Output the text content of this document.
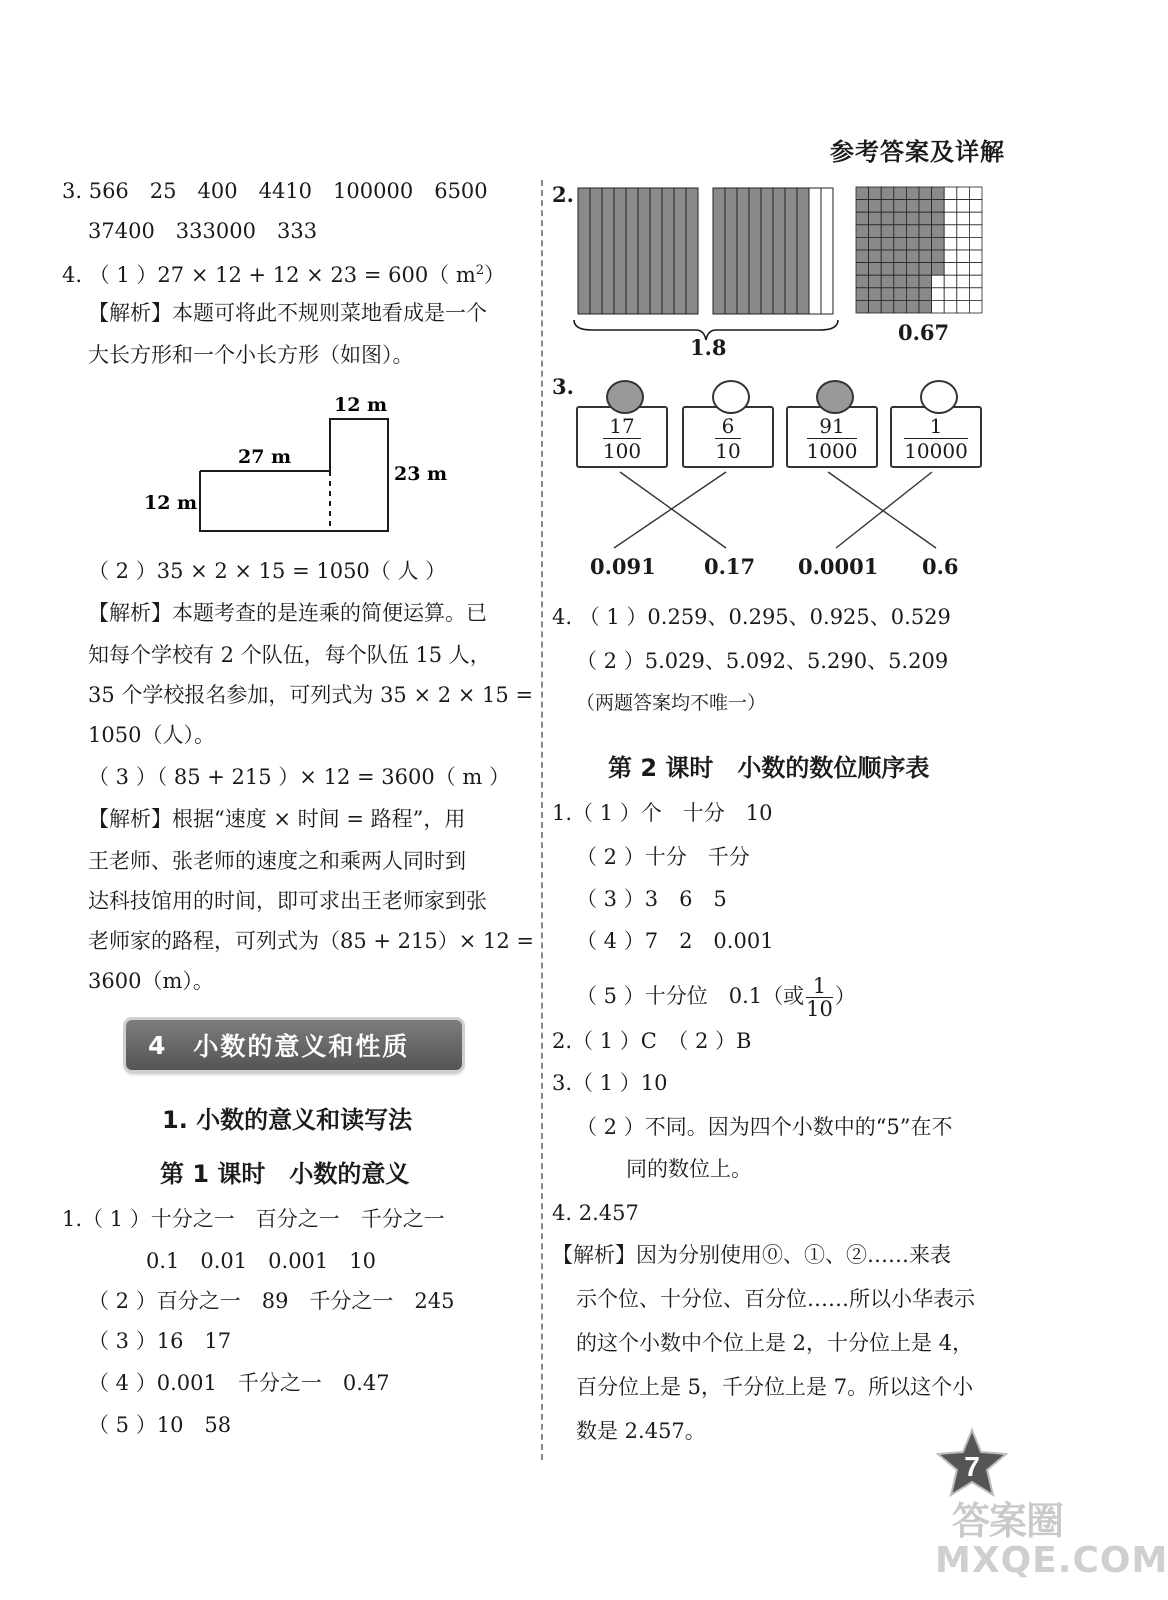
参考答案及详解
3. 566　25　400　4410　100000　6500
37400　333000　333
4. （ 1 ）27 × 12 + 12 × 23 = 600（ $m^2$）
【解析】本题可将此不规则菜地看成是一个
大长方形和一个小长方形（如图）。
12 m
27 m
23 m
12 m
（ 2 ）35 × 2 × 15 = 1050（ 人 ）
【解析】本题考查的是连乘的简便运算。已
知每个学校有 2 个队伍，每个队伍 15 人，
35 个学校报名参加，可列式为 35 × 2 × 15 =
1050（人）。
（ 3 ）（ 85 + 215 ）× 12 = 3600（ m ）
【解析】根据“速度 × 时间 = 路程”，用
王老师、张老师的速度之和乘两人同时到
达科技馆用的时间，即可求出王老师家到张
老师家的路程，可列式为（85 + 215）× 12 =
3600（m）。
4 小数的意义和性质
1. 小数的意义和读写法
第 1 课时　小数的意义
1.（ 1 ）十分之一　百分之一　千分之一
0.1　0.01　0.001　10
（ 2 ）百分之一　89　千分之一　245
（ 3 ）16　17
（ 4 ）0.001　千分之一　0.47
（ 5 ）10　58
2.
1.8
0.67
3.
$\frac{17}{100}$	$\frac{6}{10}$	$\frac{91}{1000} \frac{1}{10000}$
0.091 0.17 0.0001 0.6
4. （ 1 ）0.259、0.295、0.925、0.529
（ 2 ）5.029、5.092、5.290、5.209
（两题答案均不唯一）
第 2 课时　小数的数位顺序表
1.（ 1 ）个　十分　10
（ 2 ）十分　千分
（ 3 ）3　6　5
（ 4 ）7　2　0.001
（ 5 ）十分位　0.1（或 $\frac{1}{10}$ ）
2.（ 1 ）C　（ 2 ）B
3.（ 1 ）10
（ 2 ）不同。因为四个小数中的“5”在不
同的数位上。
4. 2.457
【解析】因为分别使用⓪、①、②……来表
示个位、十分位、百分位……所以小华表示
的这个小数中个位上是 2，十分位上是 4，
百分位上是 5，千分位上是 7。所以这个小
数是 2.457。
7
答案圈
MXQE.COM
